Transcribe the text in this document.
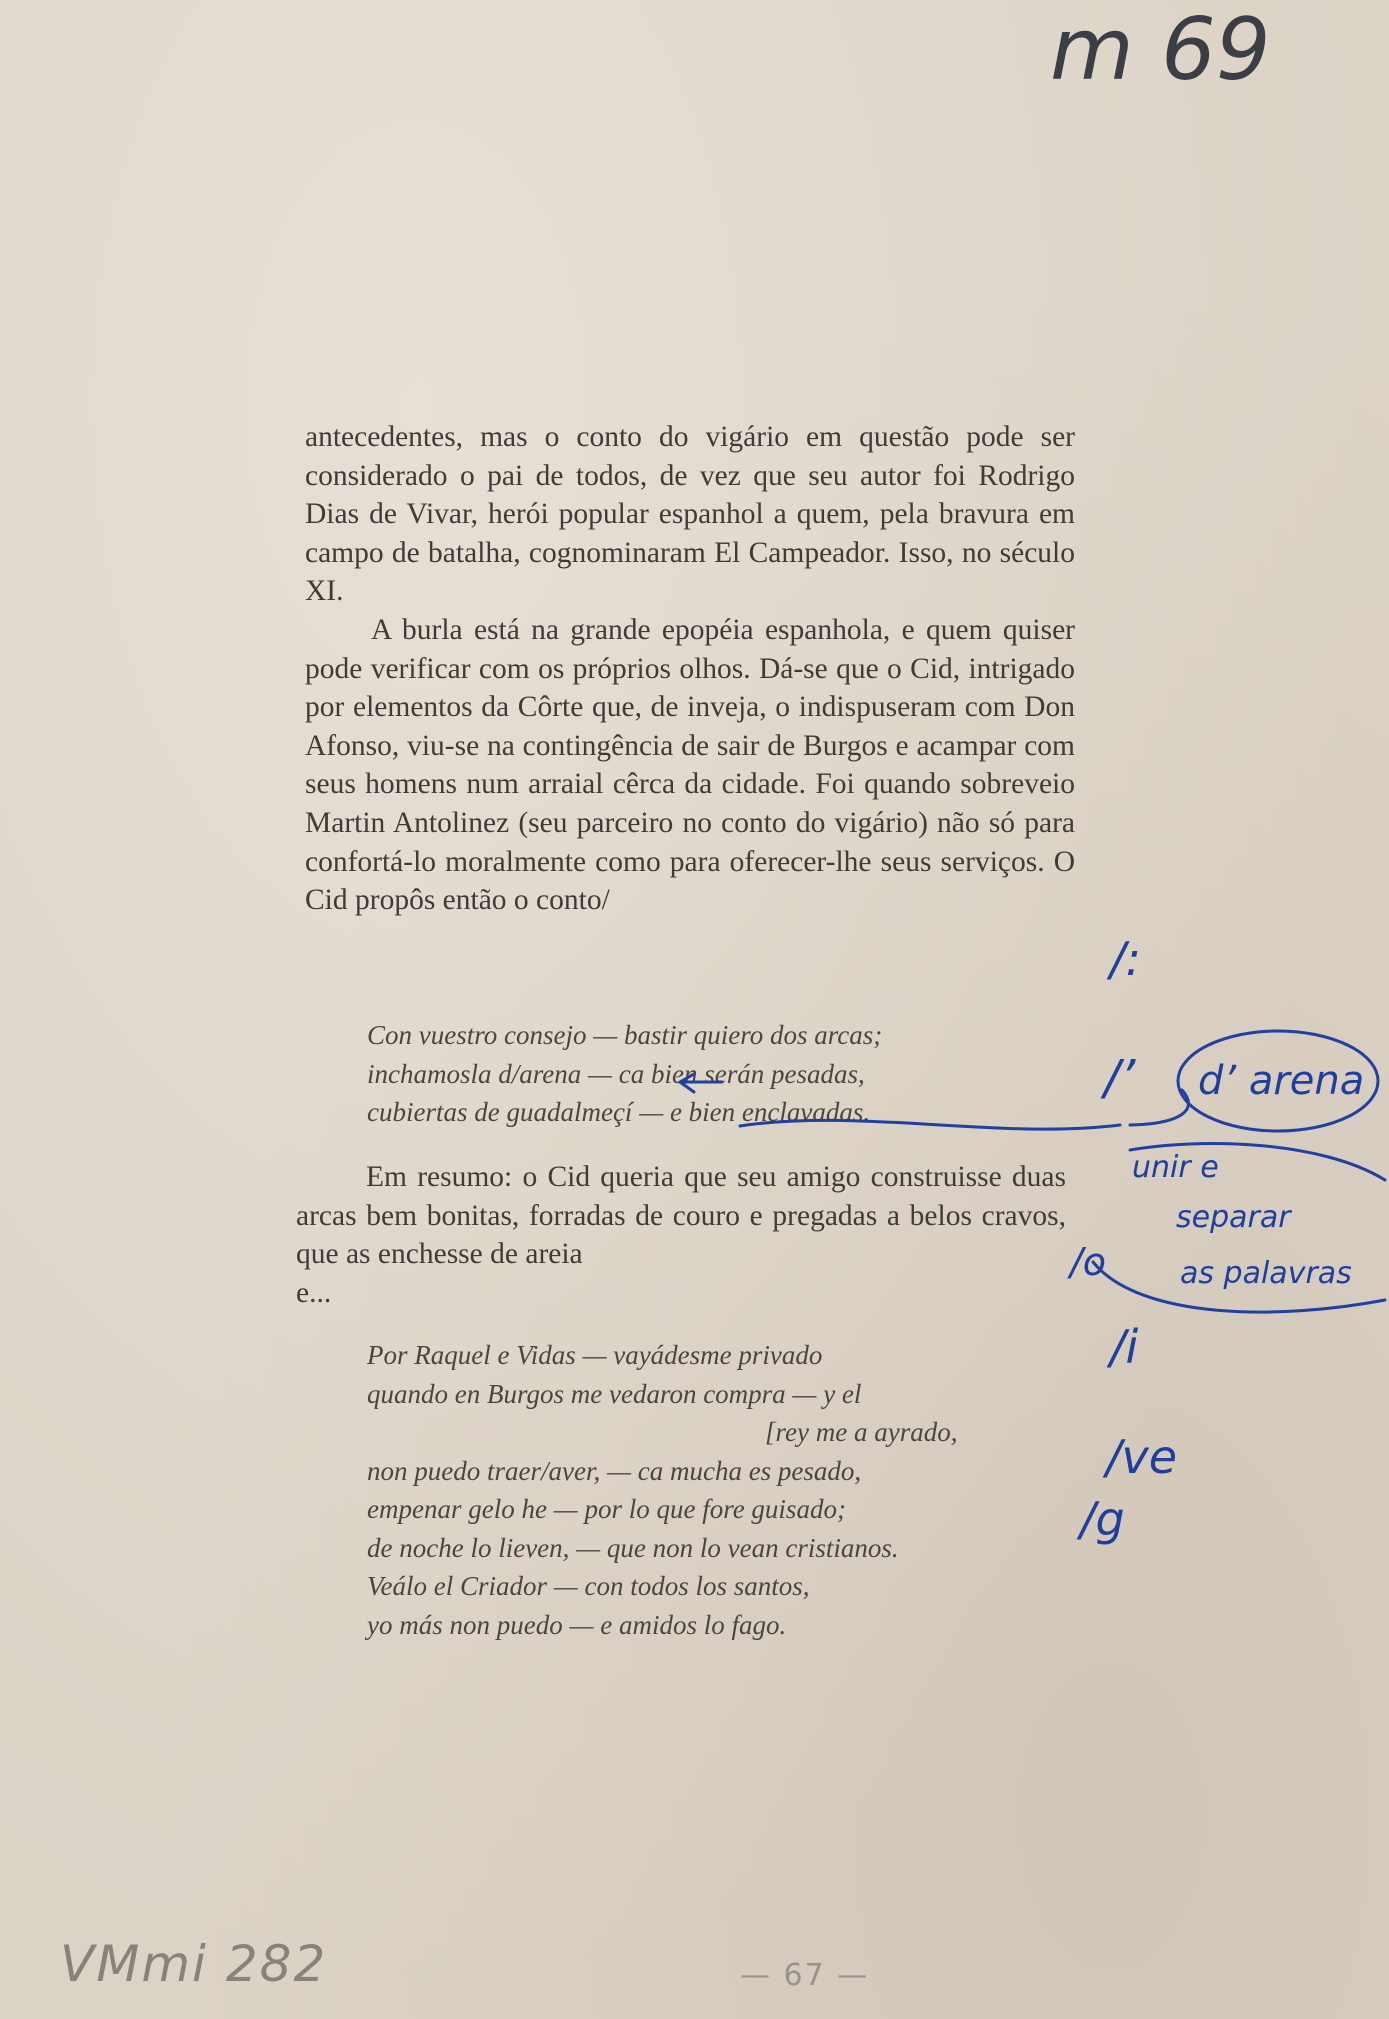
m 69

antecedentes, mas o conto do vigário em questão pode ser considerado o pai de todos, de vez que seu autor foi Rodrigo Dias de Vivar, herói popular espanhol a quem, pela bravura em campo de batalha, cognominaram El Campeador. Isso, no século XI.

A burla está na grande epopéia espanhola, e quem quiser pode verificar com os próprios olhos. Dá-se que o Cid, intrigado por elementos da Côrte que, de inveja, o indispuseram com Don Afonso, viu-se na contingência de sair de Burgos e acampar com seus homens num arraial cêrca da cidade. Foi quando sobreveio Martin Antolinez (seu parceiro no conto do vigário) não só para confortá-lo moralmente como para oferecer-lhe seus serviços. O Cid propôs então o conto/

Con vuestro consejo — bastir quiero dos arcas;
inchamosla d/arena — ca bien serán pesadas,
cubiertas de guadalmeçí — e bien enclavadas.

Em resumo: o Cid queria que seu amigo construisse duas arcas bem bonitas, forradas de couro e pregadas a belos cravos, que as enchesse de areia

e...

Por Raquel e Vidas — vayádesme privado
quando en Burgos me vedaron compra — y el
[rey me a ayrado,
non puedo traer/aver, — ca mucha es pesado,
empenar gelo he — por lo que fore guisado;
de noche lo lieven, — que non lo vean cristianos.
Veálo el Criador — con todos los santos,
yo más non puedo — e amidos lo fago.
/:
/’ d’ arena
unir e
separar
as palavras
/o
/i
/ve
/g
— 67 —
VMmi 282
